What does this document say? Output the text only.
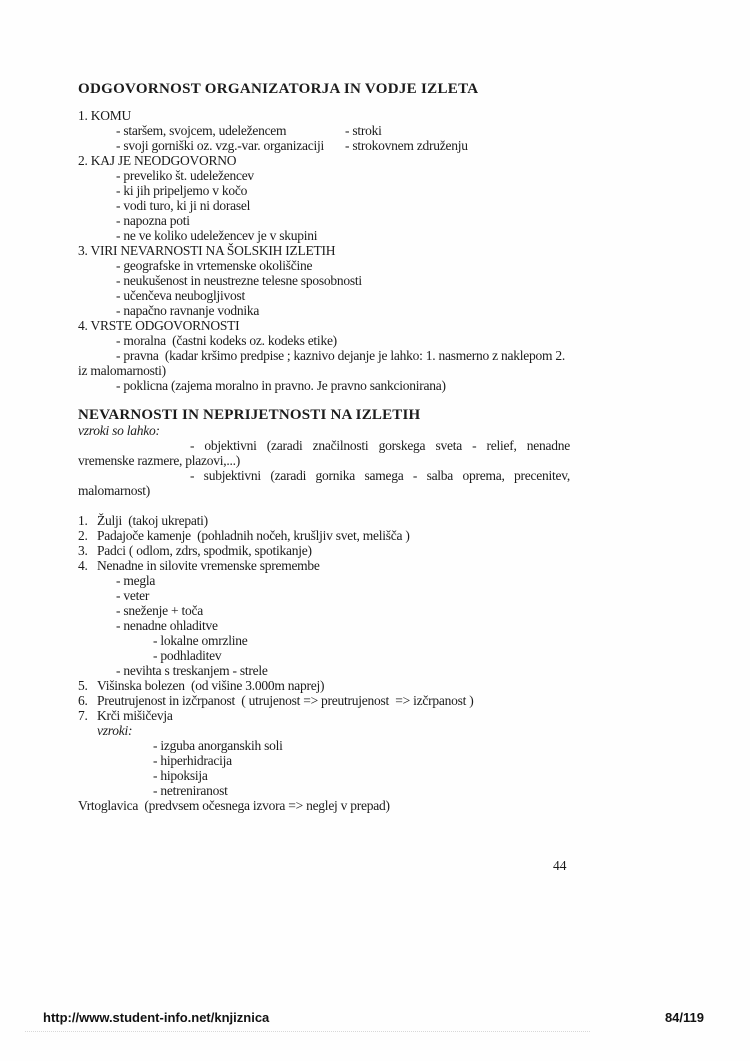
ODGOVORNOST ORGANIZATORJA IN VODJE IZLETA
1. KOMU
- staršem, svojcem, udeležencem	- stroki
- svoji gorniški oz. vzg.-var. organizaciji - strokovnem združenju
2. KAJ JE NEODGOVORNO
- preveliko št. udeležencev
- ki jih pripeljemo v kočo
- vodi turo, ki ji ni dorasel
- napozna poti
- ne ve koliko udeležencev je v skupini
3. VIRI NEVARNOSTI NA ŠOLSKIH IZLETIH
- geografske in vrtemenske okoliščine
- neukušenost in neustrezne telesne sposobnosti
- učenčeva neubogljivost
- napačno ravnanje vodnika
4. VRSTE ODGOVORNOSTI
- moralna  (častni kodeks oz. kodeks etike)
- pravna  (kadar kršimo predpise ; kaznivo dejanje je lahko: 1. nasmerno z naklepom 2.
iz malomarnosti)
- poklicna (zajema moralno in pravno. Je pravno sankcionirana)
NEVARNOSTI IN NEPRIJETNOSTI NA IZLETIH
vzroki so lahko:
- objektivni (zaradi značilnosti gorskega sveta - relief, nenadne
vremenske razmere, plazovi,...)
- subjektivni (zaradi gornika samega - salba oprema, precenitev,
malomarnost)
1. Žulji  (takoj ukrepati)
2. Padajoče kamenje  (pohladnih nočeh, krušljiv svet, melišča )
3. Padci ( odlom, zdrs, spodmik, spotikanje)
4. Nenadne in silovite vremenske spremembe
- megla
- veter
- sneženje + toča
- nenadne ohladitve
- lokalne omrzline
- podhladitev
- nevihta s treskanjem - strele
5. Višinska bolezen  (od višine 3.000m naprej)
6. Preutrujenost in izčrpanost  ( utrujenost => preutrujenost  => izčrpanost )
7. Krči mišičevja
vzroki:
- izguba anorganskih soli
- hiperhidracija
- hipoksija
- netreniranost
Vrtoglavica  (predvsem očesnega izvora => neglej v prepad)
44
http://www.student-info.net/knjiznica	84/119
